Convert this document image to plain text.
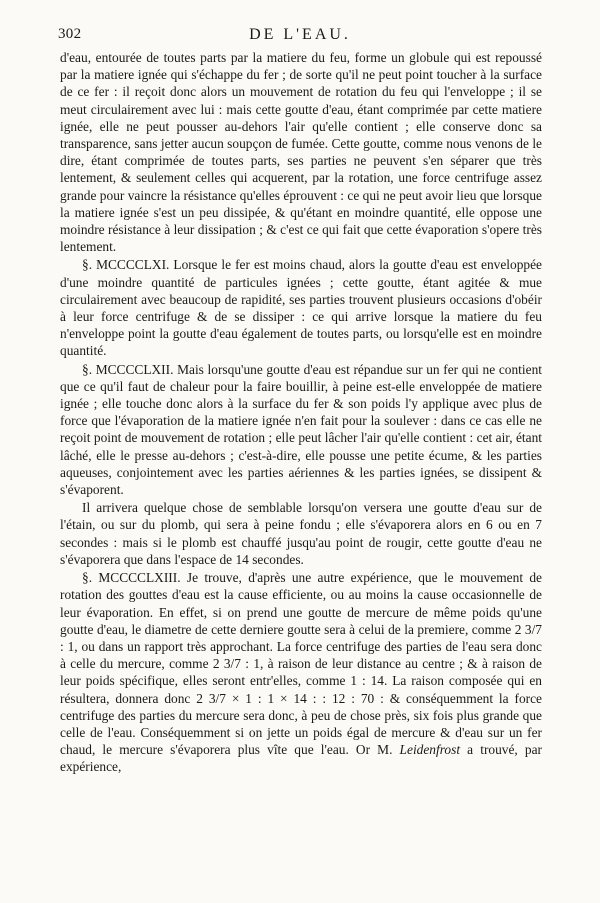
302	DE L'EAU.

d'eau, entourée de toutes parts par la matiere du feu, forme un globule qui est repoussé par la matiere ignée qui s'échappe du fer ; de sorte qu'il ne peut point toucher à la surface de ce fer : il reçoit donc alors un mouvement de rotation du feu qui l'enveloppe ; il se meut circulairement avec lui : mais cette goutte d'eau, étant comprimée par cette matiere ignée, elle ne peut pousser au-dehors l'air qu'elle contient ; elle conserve donc sa transparence, sans jetter aucun soupçon de fumée. Cette goutte, comme nous venons de le dire, étant comprimée de toutes parts, ses parties ne peuvent s'en séparer que très lentement, & seulement celles qui acquerent, par la rotation, une force centrifuge assez grande pour vaincre la résistance qu'elles éprouvent : ce qui ne peut avoir lieu que lorsque la matiere ignée s'est un peu dissipée, & qu'étant en moindre quantité, elle oppose une moindre résistance à leur dissipation ; & c'est ce qui fait que cette évaporation s'opere très lentement.

§. MCCCCLXI. Lorsque le fer est moins chaud, alors la goutte d'eau est enveloppée d'une moindre quantité de particules ignées ; cette goutte, étant agitée & mue circulairement avec beaucoup de rapidité, ses parties trouvent plusieurs occasions d'obéir à leur force centrifuge & de se dissiper : ce qui arrive lorsque la matiere du feu n'enveloppe point la goutte d'eau également de toutes parts, ou lorsqu'elle est en moindre quantité.

§. MCCCCLXII. Mais lorsqu'une goutte d'eau est répandue sur un fer qui ne contient que ce qu'il faut de chaleur pour la faire bouillir, à peine est-elle enveloppée de matiere ignée ; elle touche donc alors à la surface du fer & son poids l'y applique avec plus de force que l'évaporation de la matiere ignée n'en fait pour la soulever : dans ce cas elle ne reçoit point de mouvement de rotation ; elle peut lâcher l'air qu'elle contient : cet air, étant lâché, elle le presse au-dehors ; c'est-à-dire, elle pousse une petite écume, & les parties aqueuses, conjointement avec les parties aériennes & les parties ignées, se dissipent & s'évaporent.

Il arrivera quelque chose de semblable lorsqu'on versera une goutte d'eau sur de l'étain, ou sur du plomb, qui sera à peine fondu ; elle s'évaporera alors en 6 ou en 7 secondes : mais si le plomb est chauffé jusqu'au point de rougir, cette goutte d'eau ne s'évaporera que dans l'espace de 14 secondes.

§. MCCCCLXIII. Je trouve, d'après une autre expérience, que le mouvement de rotation des gouttes d'eau est la cause efficiente, ou au moins la cause occasionnelle de leur évaporation. En effet, si on prend une goutte de mercure de même poids qu'une goutte d'eau, le diametre de cette derniere goutte sera à celui de la premiere, comme 2 3/7 : 1, ou dans un rapport très approchant. La force centrifuge des parties de l'eau sera donc à celle du mercure, comme 2 3/7 : 1, à raison de leur distance au centre ; & à raison de leur poids spécifique, elles seront entr'elles, comme 1 : 14. La raison composée qui en résultera, donnera donc 2 3/7 × 1 : 1 × 14 : : 12 : 70 : & conséquemment la force centrifuge des parties du mercure sera donc, à peu de chose près, six fois plus grande que celle de l'eau. Conséquemment si on jette un poids égal de mercure & d'eau sur un fer chaud, le mercure s'évaporera plus vîte que l'eau. Or M. Leidenfrost a trouvé, par expérience,
